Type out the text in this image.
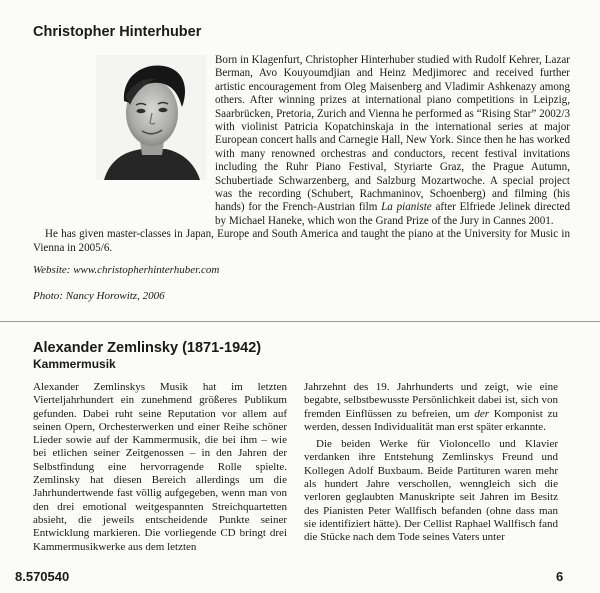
Christopher Hinterhuber

Born in Klagenfurt, Christopher Hinterhuber studied with Rudolf Kehrer, Lazar Berman, Avo Kouyoumdjian and Heinz Medjimorec and received further artistic encouragement from Oleg Maisenberg and Vladimir Ashkenazy among others. After winning prizes at international piano competitions in Leipzig, Saarbrücken, Pretoria, Zurich and Vienna he performed as “Rising Star” 2002/3 with violinist Patricia Kopatchinskaja in the international series at major European concert halls and Carnegie Hall, New York. Since then he has worked with many renowned orchestras and conductors, recent festival invitations including the Ruhr Piano Festival, Styriarte Graz, the Prague Autumn, Schubertiade Schwarzenberg, and Salzburg Mozartwoche. A special project was the recording (Schubert, Rachmaninov, Schoenberg) and filming (his hands) for the French-Austrian film La pianiste after Elfriede Jelinek directed by Michael Haneke, which won the Grand Prize of the Jury in Cannes 2001.

He has given master-classes in Japan, Europe and South America and taught the piano at the University for Music in Vienna in 2005/6.

Website: www.christopherhinterhuber.com

Photo: Nancy Horowitz, 2006

Alexander Zemlinsky (1871-1942)
Kammermusik

Alexander Zemlinskys Musik hat im letzten Vierteljahrhundert ein zunehmend größeres Publikum gefunden. Dabei ruht seine Reputation vor allem auf seinen Opern, Orchesterwerken und einer Reihe schöner Lieder sowie auf der Kammermusik, die bei ihm – wie bei etlichen seiner Zeitgenossen – in den Jahren der Selbstfindung eine hervorragende Rolle spielte. Zemlinsky hat diesen Bereich allerdings um die Jahrhundertwende fast völlig aufgegeben, wenn man von den drei emotional weitgespannten Streichquartetten absieht, die jeweils entscheidende Punkte seiner Entwicklung markieren. Die vorliegende CD bringt drei Kammermusikwerke aus dem letzten

Jahrzehnt des 19. Jahrhunderts und zeigt, wie eine begabte, selbstbewusste Persönlichkeit dabei ist, sich von fremden Einflüssen zu befreien, um der Komponist zu werden, dessen Individualität man erst später erkannte.

Die beiden Werke für Violoncello und Klavier verdanken ihre Entstehung Zemlinskys Freund und Kollegen Adolf Buxbaum. Beide Partituren waren mehr als hundert Jahre verschollen, wenngleich sich die verloren geglaubten Manuskripte seit Jahren im Besitz des Pianisten Peter Wallfisch befanden (ohne dass man sie identifiziert hätte). Der Cellist Raphael Wallfisch fand die Stücke nach dem Tode seines Vaters unter

8.570540	6
